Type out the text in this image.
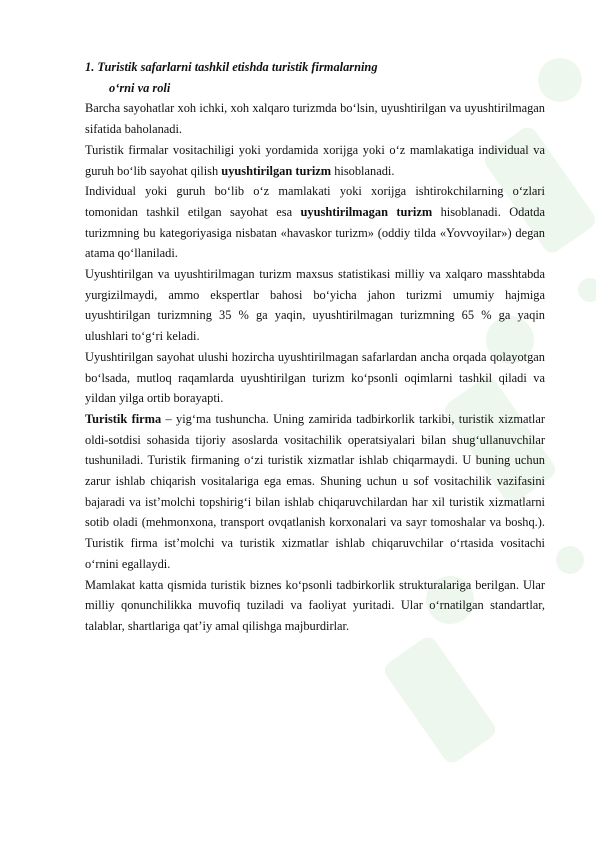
1. Turistik safarlarni tashkil etishda turistik firmalarning
o‘rni va roli

Barcha sayohatlar xoh ichki, xoh xalqaro turizmda bo‘lsin, uyushtirilgan va uyushtirilmagan sifatida baholanadi.

Turistik firmalar vositachiligi yoki yordamida xorijga yoki o‘z mamlakatiga individual va guruh bo‘lib sayohat qilish uyushtirilgan turizm hisoblanadi.

Individual yoki guruh bo‘lib o‘z mamlakati yoki xorijga ishtirokchilarning o‘zlari tomonidan tashkil etilgan sayohat esa uyushtirilmagan turizm hisoblanadi. Odatda turizmning bu kategoriyasiga nisbatan «havaskor turizm» (oddiy tilda «Yovvoyilar») degan atama qo‘llaniladi.

Uyushtirilgan va uyushtirilmagan turizm maxsus statistikasi milliy va xalqaro masshtabda yurgizilmaydi, ammo ekspertlar bahosi bo‘yicha jahon turizmi umumiy hajmiga uyushtirilgan turizmning 35 % ga yaqin, uyushtirilmagan turizmning 65 % ga yaqin ulushlari to‘g‘ri keladi.

Uyushtirilgan sayohat ulushi hozircha uyushtirilmagan safarlardan ancha orqada qolayotgan bo‘lsada, mutloq raqamlarda uyushtirilgan turizm ko‘psonli oqimlarni tashkil qiladi va yildan yilga ortib borayapti.

Turistik firma – yig‘ma tushuncha. Uning zamirida tadbirkorlik tarkibi, turistik xizmatlar oldi-sotdisi sohasida tijoriy asoslarda vositachilik operatsiyalari bilan shug‘ullanuvchilar tushuniladi. Turistik firmaning o‘zi turistik xizmatlar ishlab chiqarmaydi. U buning uchun zarur ishlab chiqarish vositalariga ega emas. Shuning uchun u sof vositachilik vazifasini bajaradi va ist’molchi topshirig‘i bilan ishlab chiqaruvchilardan har xil turistik xizmatlarni sotib oladi (mehmonxona, transport ovqatlanish korxonalari va sayr tomoshalar va boshq.). Turistik firma ist’molchi va turistik xizmatlar ishlab chiqaruvchilar o‘rtasida vositachi o‘rnini egallaydi.

Mamlakat katta qismida turistik biznes ko‘psonli tadbirkorlik strukturalariga berilgan. Ular milliy qonunchilikka muvofiq tuziladi va faoliyat yuritadi. Ular o‘rnatilgan standartlar, talablar, shartlariga qat’iy amal qilishga majburdirlar.
